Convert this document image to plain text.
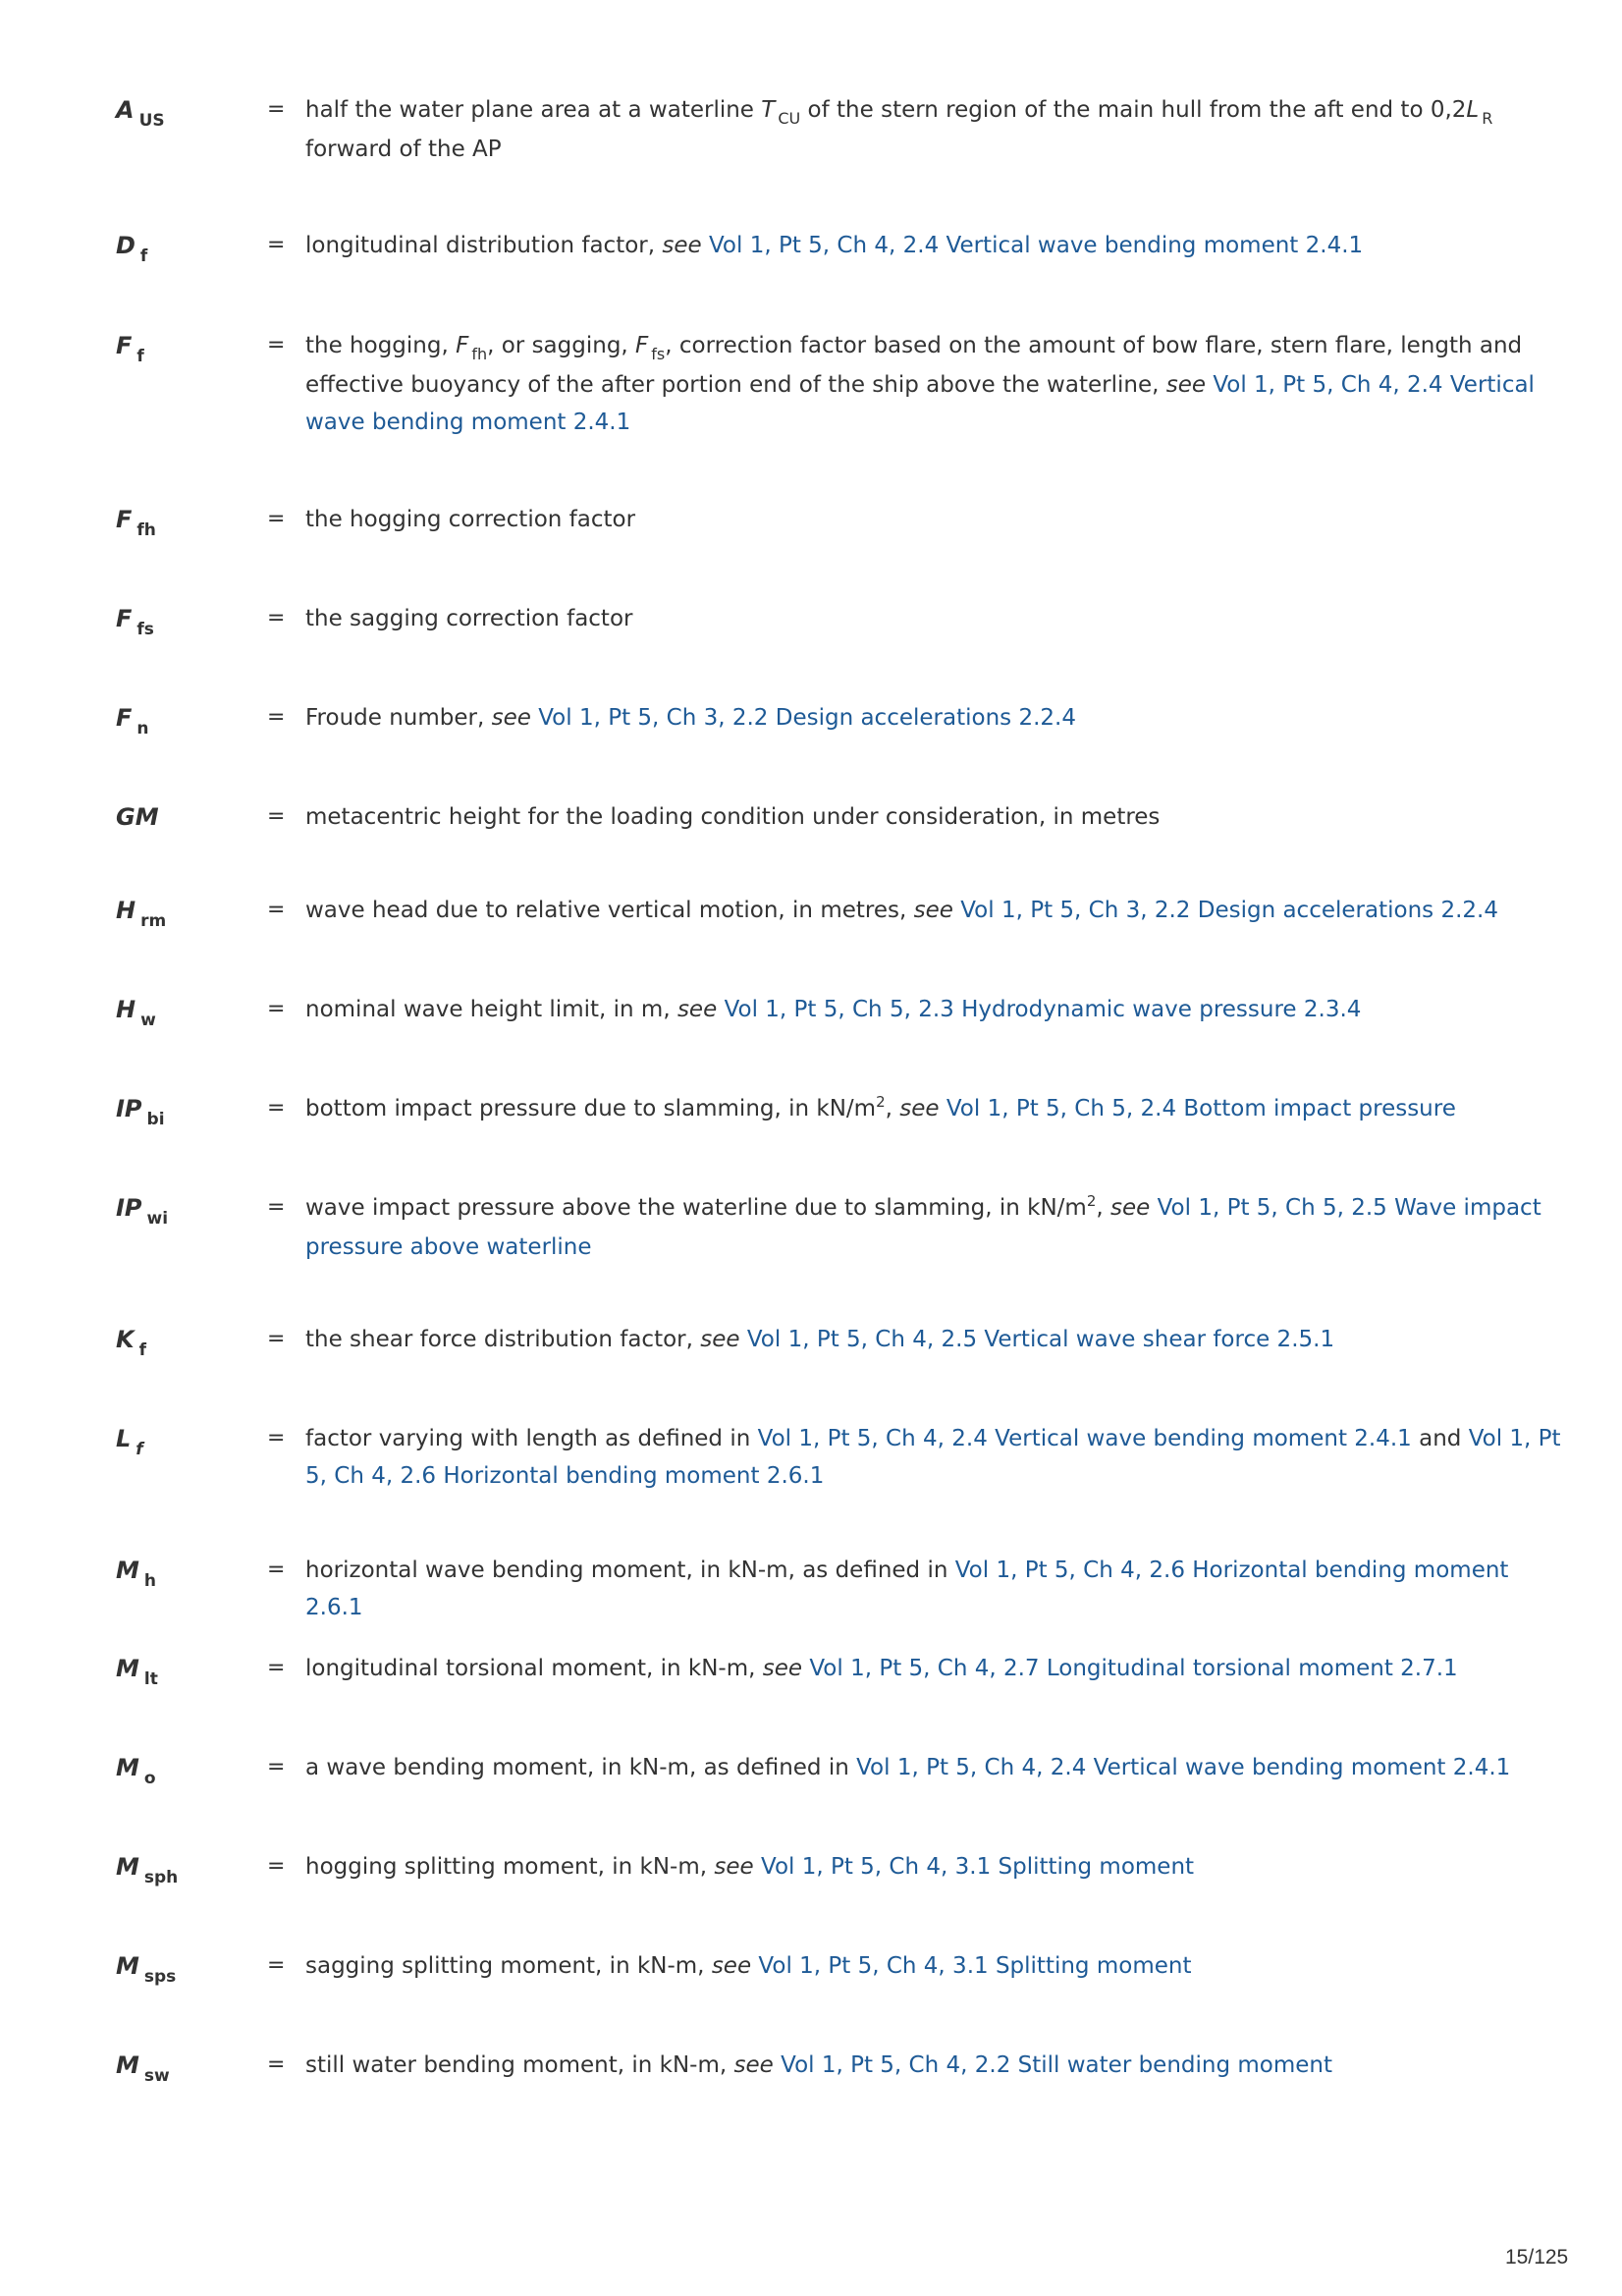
A $_{US}$	= half the water plane area at a waterline T $_{CU}$ of the stern region of the main hull from the aft end to 0,2L $_R$ forward of the AP
D $_f$	= longitudinal distribution factor, see Vol 1, Pt 5, Ch 4, 2.4 Vertical wave bending moment 2.4.1
F $_f$	= the hogging, F $_{fh}$, or sagging, F $_{fs}$, correction factor based on the amount of bow flare, stern flare, length and effective buoyancy of the after portion end of the ship above the waterline, see Vol 1, Pt 5, Ch 4, 2.4 Vertical wave bending moment 2.4.1
F $_{fh}$	= the hogging correction factor
F $_{fs}$	= the sagging correction factor
F $_n$	= Froude number, see Vol 1, Pt 5, Ch 3, 2.2 Design accelerations 2.2.4
GM	= metacentric height for the loading condition under consideration, in metres
H $_{rm}$	= wave head due to relative vertical motion, in metres, see Vol 1, Pt 5, Ch 3, 2.2 Design accelerations 2.2.4
H $_w$	= nominal wave height limit, in m, see Vol 1, Pt 5, Ch 5, 2.3 Hydrodynamic wave pressure 2.3.4
IP $_{bi}$	= bottom impact pressure due to slamming, in $kN/m^2$, see Vol 1, Pt 5, Ch 5, 2.4 Bottom impact pressure
IP $_{wi}$	= wave impact pressure above the waterline due to slamming, in $kN/m^2$, see Vol 1, Pt 5, Ch 5, 2.5 Wave impact pressure above waterline
K $_f$	= the shear force distribution factor, see Vol 1, Pt 5, Ch 4, 2.5 Vertical wave shear force 2.5.1
L $_f$	= factor varying with length as defined in Vol 1, Pt 5, Ch 4, 2.4 Vertical wave bending moment 2.4.1 and Vol 1, Pt 5, Ch 4, 2.6 Horizontal bending moment 2.6.1
M $_h$	= horizontal wave bending moment, in kN-m, as defined in Vol 1, Pt 5, Ch 4, 2.6 Horizontal bending moment 2.6.1
M $_{lt}$	= longitudinal torsional moment, in kN-m, see Vol 1, Pt 5, Ch 4, 2.7 Longitudinal torsional moment 2.7.1
M $_o$	= a wave bending moment, in kN-m, as defined in Vol 1, Pt 5, Ch 4, 2.4 Vertical wave bending moment 2.4.1
M $_{sph}$	= hogging splitting moment, in kN-m, see Vol 1, Pt 5, Ch 4, 3.1 Splitting moment
M $_{sps}$	= sagging splitting moment, in kN-m, see Vol 1, Pt 5, Ch 4, 3.1 Splitting moment
M $_{sw}$	= still water bending moment, in kN-m, see Vol 1, Pt 5, Ch 4, 2.2 Still water bending moment
15/125
